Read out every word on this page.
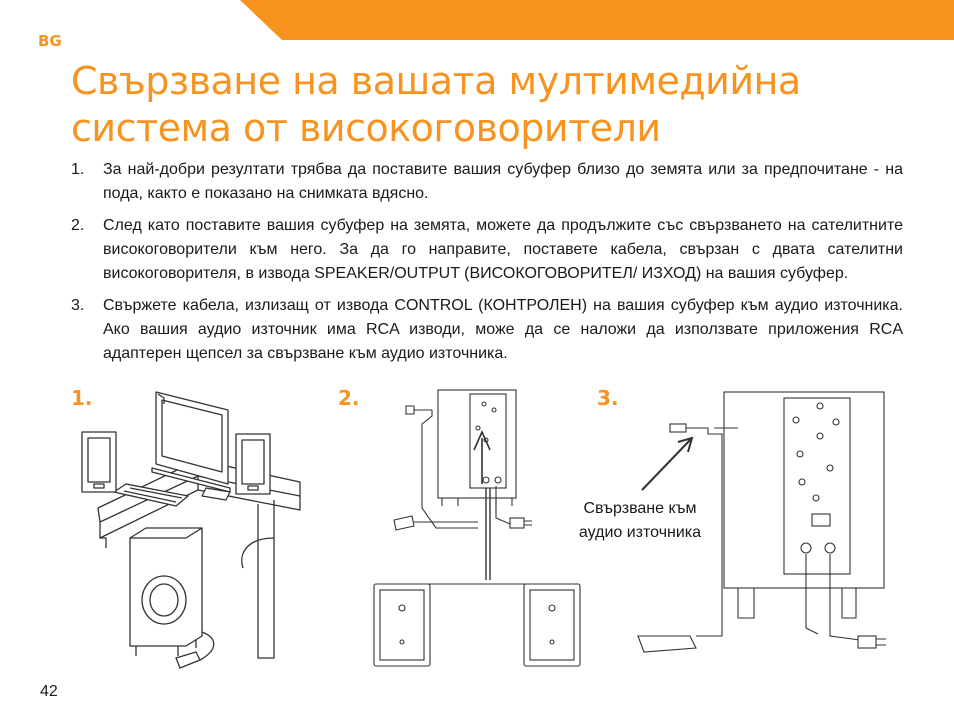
BG
Свързване на вашата мултимедийна
система от високоговорители
1. За най-добри резултати трябва да поставите вашия субуфер близо до земята или за предпочитане - на пода, както е показано на снимката вдясно.
2. След като поставите вашия субуфер на земята, можете да продължите със свързването на сателитните високоговорители към него. За да го направите, поставете кабела, свързан с двата сателитни високоговорителя, в извода SPEAKER/OUTPUT (ВИСОКОГОВОРИТЕЛ/ ИЗХОД) на вашия субуфер.
3. Свържете кабела, излизащ от извода CONTROL (КОНТРОЛЕН) на вашия субуфер към аудио източника. Ако вашия аудио източник има RCA изводи, може да се наложи да използвате приложения RCA адаптерен щепсел за свързване към аудио източника.
1.	2.	3.
Свързване към аудио източника
42
